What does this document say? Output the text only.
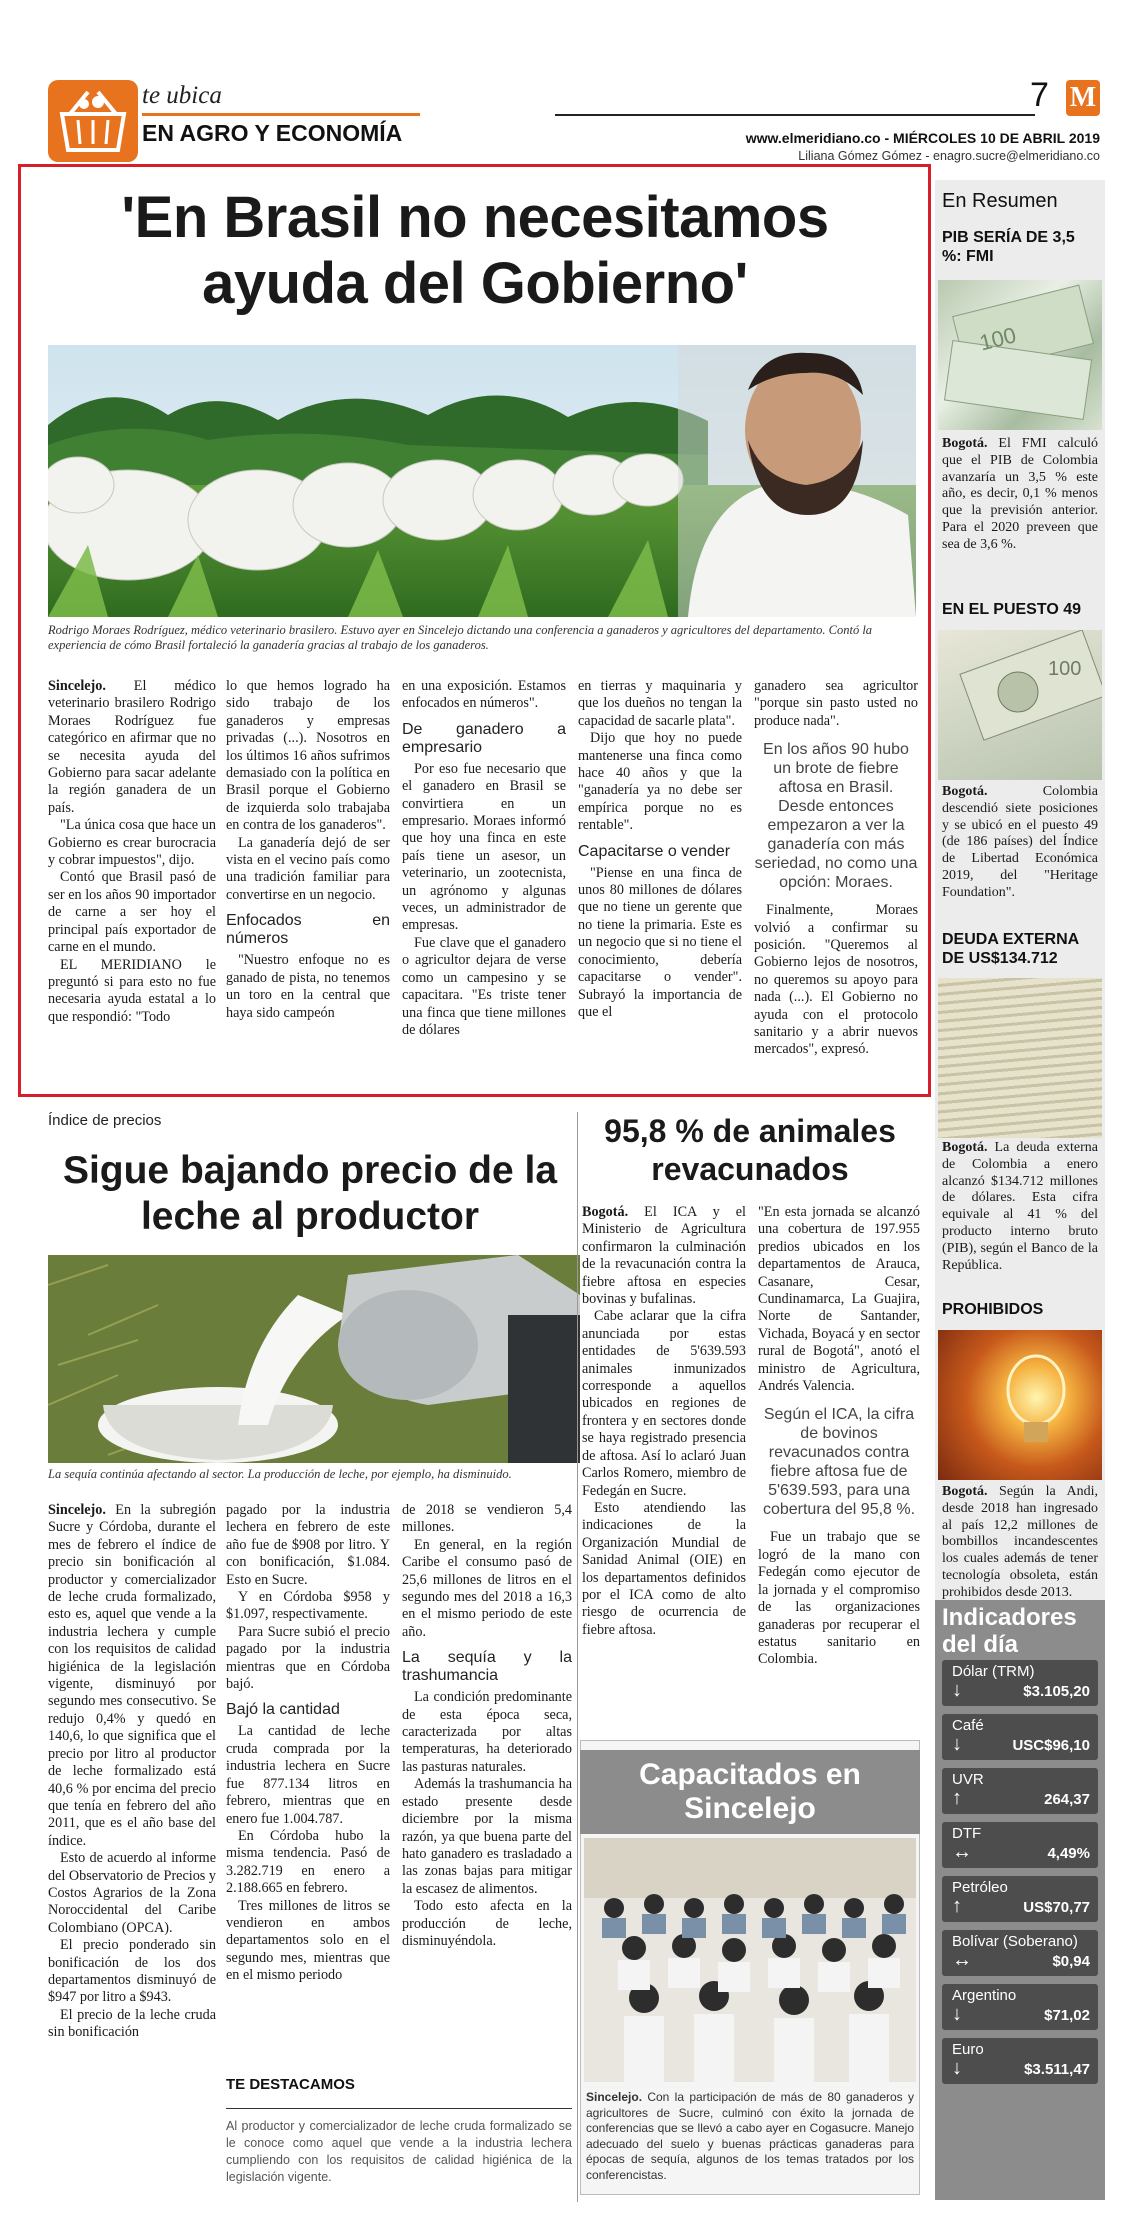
te ubica
EN AGRO Y ECONOMÍA
7 M
www.elmeridiano.co - MIÉRCOLES 10 DE ABRIL 2019
Liliana Gómez Gómez - enagro.sucre@elmeridiano.co
'En Brasil no necesitamos ayuda del Gobierno'
Rodrigo Moraes Rodríguez, médico veterinario brasilero. Estuvo ayer en Sincelejo dictando una conferencia a ganaderos y agricultores del departamento. Contó la experiencia de cómo Brasil fortaleció la ganadería gracias al trabajo de los ganaderos.

Sincelejo. El médico veterinario brasilero Rodrigo Moraes Rodríguez fue categórico en afirmar que no se necesita ayuda del Gobierno para sacar adelante la región ganadera de un país.

"La única cosa que hace un Gobierno es crear burocracia y cobrar impuestos", dijo.

Contó que Brasil pasó de ser en los años 90 importador de carne a ser hoy el principal país exportador de carne en el mundo.

EL MERIDIANO le preguntó si para esto no fue necesaria ayuda estatal a lo que respondió: "Todo

lo que hemos logrado ha sido trabajo de los ganaderos y empresas privadas (...). Nosotros en los últimos 16 años sufrimos demasiado con la política en Brasil porque el Gobierno de izquierda solo trabajaba en contra de los ganaderos".

La ganadería dejó de ser vista en el vecino país como una tradición familiar para convertirse en un negocio.

Enfocados en números

"Nuestro enfoque no es ganado de pista, no tenemos un toro en la central que haya sido campeón

en una exposición. Estamos enfocados en números".

De ganadero a empresario

Por eso fue necesario que el ganadero en Brasil se convirtiera en un empresario. Moraes informó que hoy una finca en este país tiene un asesor, un veterinario, un zootecnista, un agrónomo y algunas veces, un administrador de empresas.

Fue clave que el ganadero o agricultor dejara de verse como un campesino y se capacitara. "Es triste tener una finca que tiene millones de dólares

en tierras y maquinaria y que los dueños no tengan la capacidad de sacarle plata".

Dijo que hoy no puede mantenerse una finca como hace 40 años y que la "ganadería ya no debe ser empírica porque no es rentable".

Capacitarse o vender

"Piense en una finca de unos 80 millones de dólares que no tiene un gerente que no tiene la primaria. Este es un negocio que si no tiene el conocimiento, debería capacitarse o vender". Subrayó la importancia de que el

ganadero sea agricultor "porque sin pasto usted no produce nada".

En los años 90 hubo un brote de fiebre aftosa en Brasil. Desde entonces empezaron a ver la ganadería con más seriedad, no como una opción: Moraes.

Finalmente, Moraes volvió a confirmar su posición. "Queremos al Gobierno lejos de nosotros, no queremos su apoyo para nada (...). El Gobierno no ayuda con el protocolo sanitario y a abrir nuevos mercados", expresó.

En Resumen
PIB SERÍA DE 3,5 %: FMI
100
Bogotá. El FMI calculó que el PIB de Colombia avanzaría un 3,5 % este año, es decir, 0,1 % menos que la previsión anterior. Para el 2020 preveen que sea de 3,6 %.
EN EL PUESTO 49
100
Bogotá. Colombia descendió siete posiciones y se ubicó en el puesto 49 (de 186 países) del Índice de Libertad Económica 2019, del "Heritage Foundation".
DEUDA EXTERNA DE US$134.712
Bogotá. La deuda externa de Colombia a enero alcanzó $134.712 millones de dólares. Esta cifra equivale al 41 % del producto interno bruto (PIB), según el Banco de la República.
PROHIBIDOS
Bogotá. Según la Andi, desde 2018 han ingresado al país 12,2 millones de bombillos incandescentes los cuales además de tener tecnología obsoleta, están prohibidos desde 2013.
Indicadores del día
Dólar (TRM)
↓	$3.105,20
Café
↓	USC$96,10
UVR
↑	264,37
DTF
↔	4,49%
Petróleo
↑	US$70,77
Bolívar (Soberano)
↔	$0,94
Argentino
↓	$71,02
Euro
↓	$3.511,47
Índice de precios
Sigue bajando precio de la leche al productor
La sequía continúa afectando al sector. La producción de leche, por ejemplo, ha disminuido.

Sincelejo. En la subregión Sucre y Córdoba, durante el mes de febrero el índice de precio sin bonificación al productor y comercializador de leche cruda formalizado, esto es, aquel que vende a la industria lechera y cumple con los requisitos de calidad higiénica de la legislación vigente, disminuyó por segundo mes consecutivo. Se redujo 0,4% y quedó en 140,6, lo que significa que el precio por litro al productor de leche formalizado está 40,6 % por encima del precio que tenía en febrero del año 2011, que es el año base del índice.

Esto de acuerdo al informe del Observatorio de Precios y Costos Agrarios de la Zona Noroccidental del Caribe Colombiano (OPCA).

El precio ponderado sin bonificación de los dos departamentos disminuyó de $947 por litro a $943.

El precio de la leche cruda sin bonificación

pagado por la industria lechera en febrero de este año fue de $908 por litro. Y con bonificación, $1.084. Esto en Sucre.

Y en Córdoba $958 y $1.097, respectivamente.

Para Sucre subió el precio pagado por la industria mientras que en Córdoba bajó.

Bajó la cantidad

La cantidad de leche cruda comprada por la industria lechera en Sucre fue 877.134 litros en febrero, mientras que en enero fue 1.004.787.

En Córdoba hubo la misma tendencia. Pasó de 3.282.719 en enero a 2.188.665 en febrero.

Tres millones de litros se vendieron en ambos departamentos solo en el segundo mes, mientras que en el mismo periodo

de 2018 se vendieron 5,4 millones.

En general, en la región Caribe el consumo pasó de 25,6 millones de litros en el segundo mes del 2018 a 16,3 en el mismo periodo de este año.

La sequía y la trashumancia

La condición predominante de esta época seca, caracterizada por altas temperaturas, ha deteriorado las pasturas naturales.

Además la trashumancia ha estado presente desde diciembre por la misma razón, ya que buena parte del hato ganadero es trasladado a las zonas bajas para mitigar la escasez de alimentos.

Todo esto afecta en la producción de leche, disminuyéndola.

TE DESTACAMOS
Al productor y comercializador de leche cruda formalizado se le conoce como aquel que vende a la industria lechera cumpliendo con los requisitos de calidad higiénica de la legislación vigente.
95,8 % de animales revacunados

Bogotá. El ICA y el Ministerio de Agricultura confirmaron la culminación de la revacunación contra la fiebre aftosa en especies bovinas y bufalinas.

Cabe aclarar que la cifra anunciada por estas entidades de 5'639.593 animales inmunizados corresponde a aquellos ubicados en regiones de frontera y en sectores donde se haya registrado presencia de aftosa. Así lo aclaró Juan Carlos Romero, miembro de Fedegán en Sucre.

Esto atendiendo las indicaciones de la Organización Mundial de Sanidad Animal (OIE) en los departamentos definidos por el ICA como de alto riesgo de ocurrencia de fiebre aftosa.

"En esta jornada se alcanzó una cobertura de 197.955 predios ubicados en los departamentos de Arauca, Casanare, Cesar, Cundinamarca, La Guajira, Norte de Santander, Vichada, Boyacá y en sector rural de Bogotá", anotó el ministro de Agricultura, Andrés Valencia.

Según el ICA, la cifra de bovinos revacunados contra fiebre aftosa fue de 5'639.593, para una cobertura del 95,8 %.

Fue un trabajo que se logró de la mano con Fedegán como ejecutor de la jornada y el compromiso de las organizaciones ganaderas por recuperar el estatus sanitario en Colombia.

Capacitados en Sincelejo
Sincelejo. Con la participación de más de 80 ganaderos y agricultores de Sucre, culminó con éxito la jornada de conferencias que se llevó a cabo ayer en Cogasucre. Manejo adecuado del suelo y buenas prácticas ganaderas para épocas de sequía, algunos de los temas tratados por los conferencistas.
